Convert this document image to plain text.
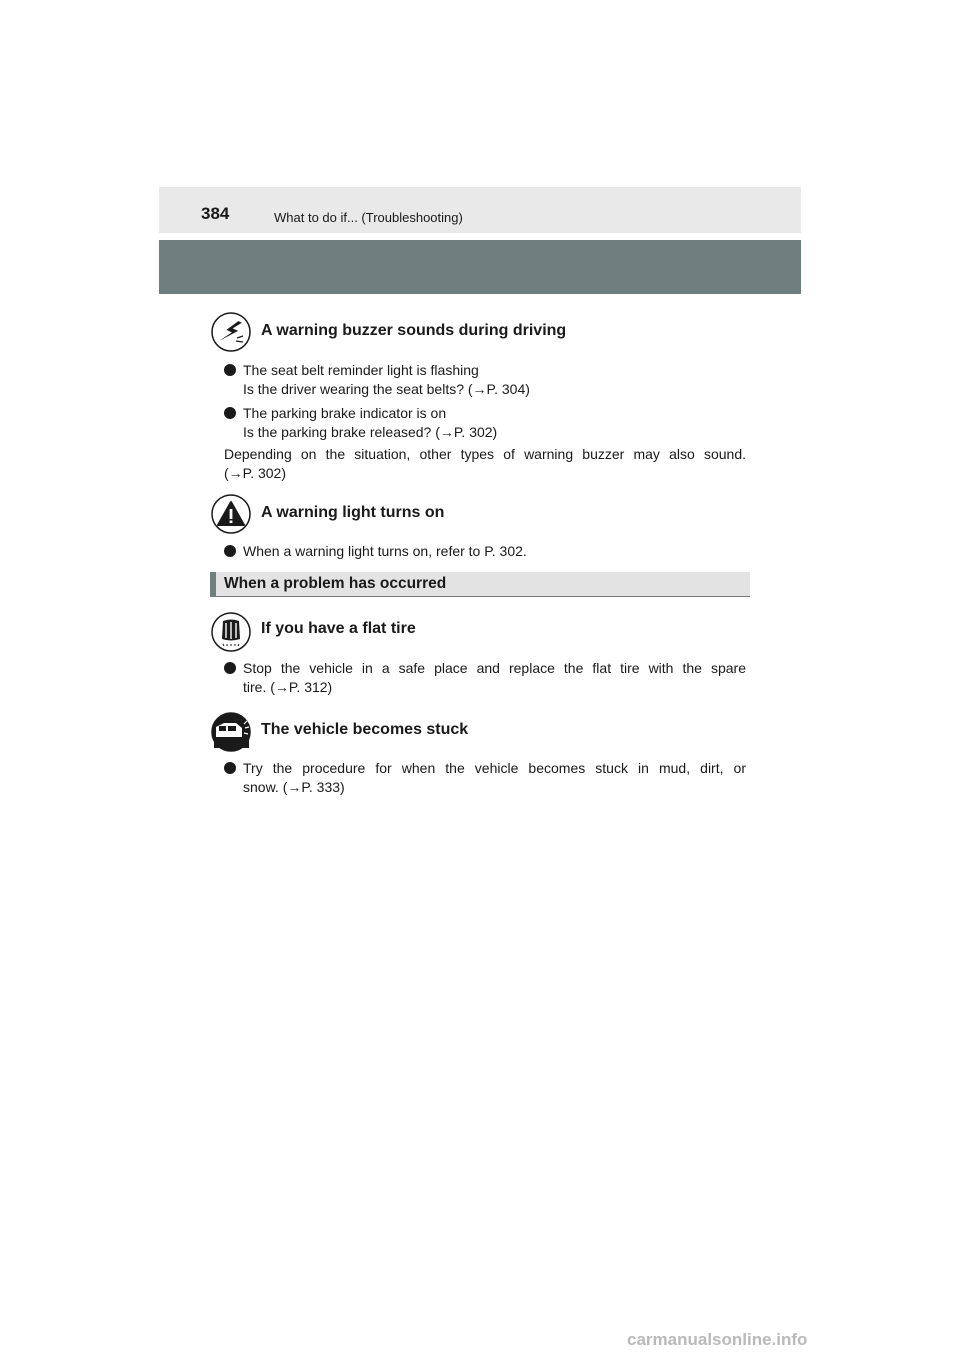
384	What to do if... (Troubleshooting)
A warning buzzer sounds during driving
The seat belt reminder light is flashing
Is the driver wearing the seat belts? (→P. 304)
The parking brake indicator is on
Is the parking brake released? (→P. 302)
Depending on the situation, other types of warning buzzer may also sound.
(→P. 302)
A warning light turns on
When a warning light turns on, refer to P. 302.
When a problem has occurred
If you have a flat tire
Stop the vehicle in a safe place and replace the flat tire with the spare
tire. (→P. 312)
The vehicle becomes stuck
Try the procedure for when the vehicle becomes stuck in mud, dirt, or
snow. (→P. 333)
carmanualsonline.info
